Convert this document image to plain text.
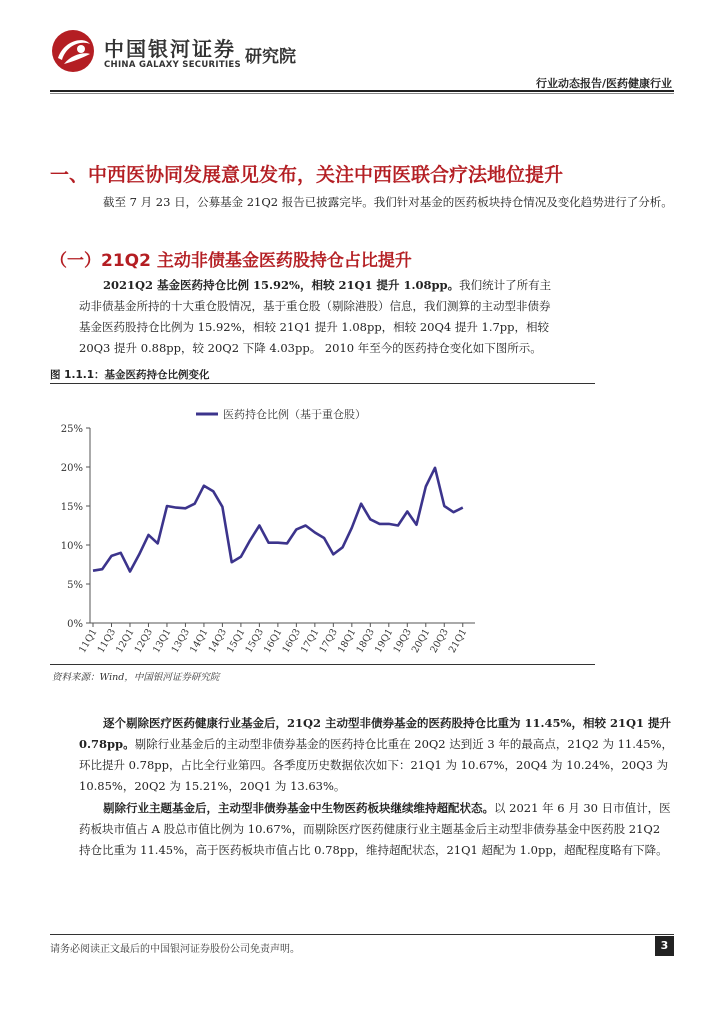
中国银河证券
CHINA GALAXY SECURITIES 研究院
行业动态报告/医药健康行业
一、中西医协同发展意见发布，关注中西医联合疗法地位提升
截至 7 月 23 日，公募基金 21Q2 报告已披露完毕。我们针对基金的医药板块持仓情况及变化趋势进行了分析。
（一）21Q2 主动非债基金医药股持仓占比提升
2021Q2 基金医药持仓比例 15.92%，相较 21Q1 提升 1.08pp。我们统计了所有主动非债基金所持的十大重仓股情况，基于重仓股（剔除港股）信息，我们测算的主动型非债券基金医药股持仓比例为 15.92%，相较 21Q1 提升 1.08pp，相较 20Q4 提升 1.7pp，相较 20Q3 提升 0.88pp，较 20Q2 下降 4.03pp。 2010 年至今的医药持仓变化如下图所示。
图 1.1.1：基金医药持仓比例变化
医药持仓比例（基于重仓股）
0%
5%
10%
15%
20%
25%
11Q1
11Q3
12Q1
12Q3
13Q1
13Q3
14Q1
14Q3
15Q1
15Q3
16Q1
16Q3
17Q1
17Q3
18Q1
18Q3
19Q1
19Q3
20Q1
20Q3
21Q1
资料来源：Wind，中国银河证券研究院
逐个剔除医疗医药健康行业基金后，21Q2 主动型非债券基金的医药股持仓比重为 11.45%，相较 21Q1 提升 0.78pp。剔除行业基金后的主动型非债券基金的医药持仓比重在 20Q2 达到近 3 年的最高点，21Q2 为 11.45%，环比提升 0.78pp，占比全行业第四。各季度历史数据依次如下：21Q1 为 10.67%，20Q4 为 10.24%，20Q3 为 10.85%，20Q2 为 15.21%，20Q1 为 13.63%。
剔除行业主题基金后，主动型非债券基金中生物医药板块继续维持超配状态。以 2021 年 6 月 30 日市值计，医药板块市值占 A 股总市值比例为 10.67%，而剔除医疗医药健康行业主题基金后主动型非债券基金中医药股 21Q2 持仓比重为 11.45%，高于医药板块市值占比 0.78pp，维持超配状态，21Q1 超配为 1.0pp，超配程度略有下降。
请务必阅读正文最后的中国银河证券股份公司免责声明。	3
